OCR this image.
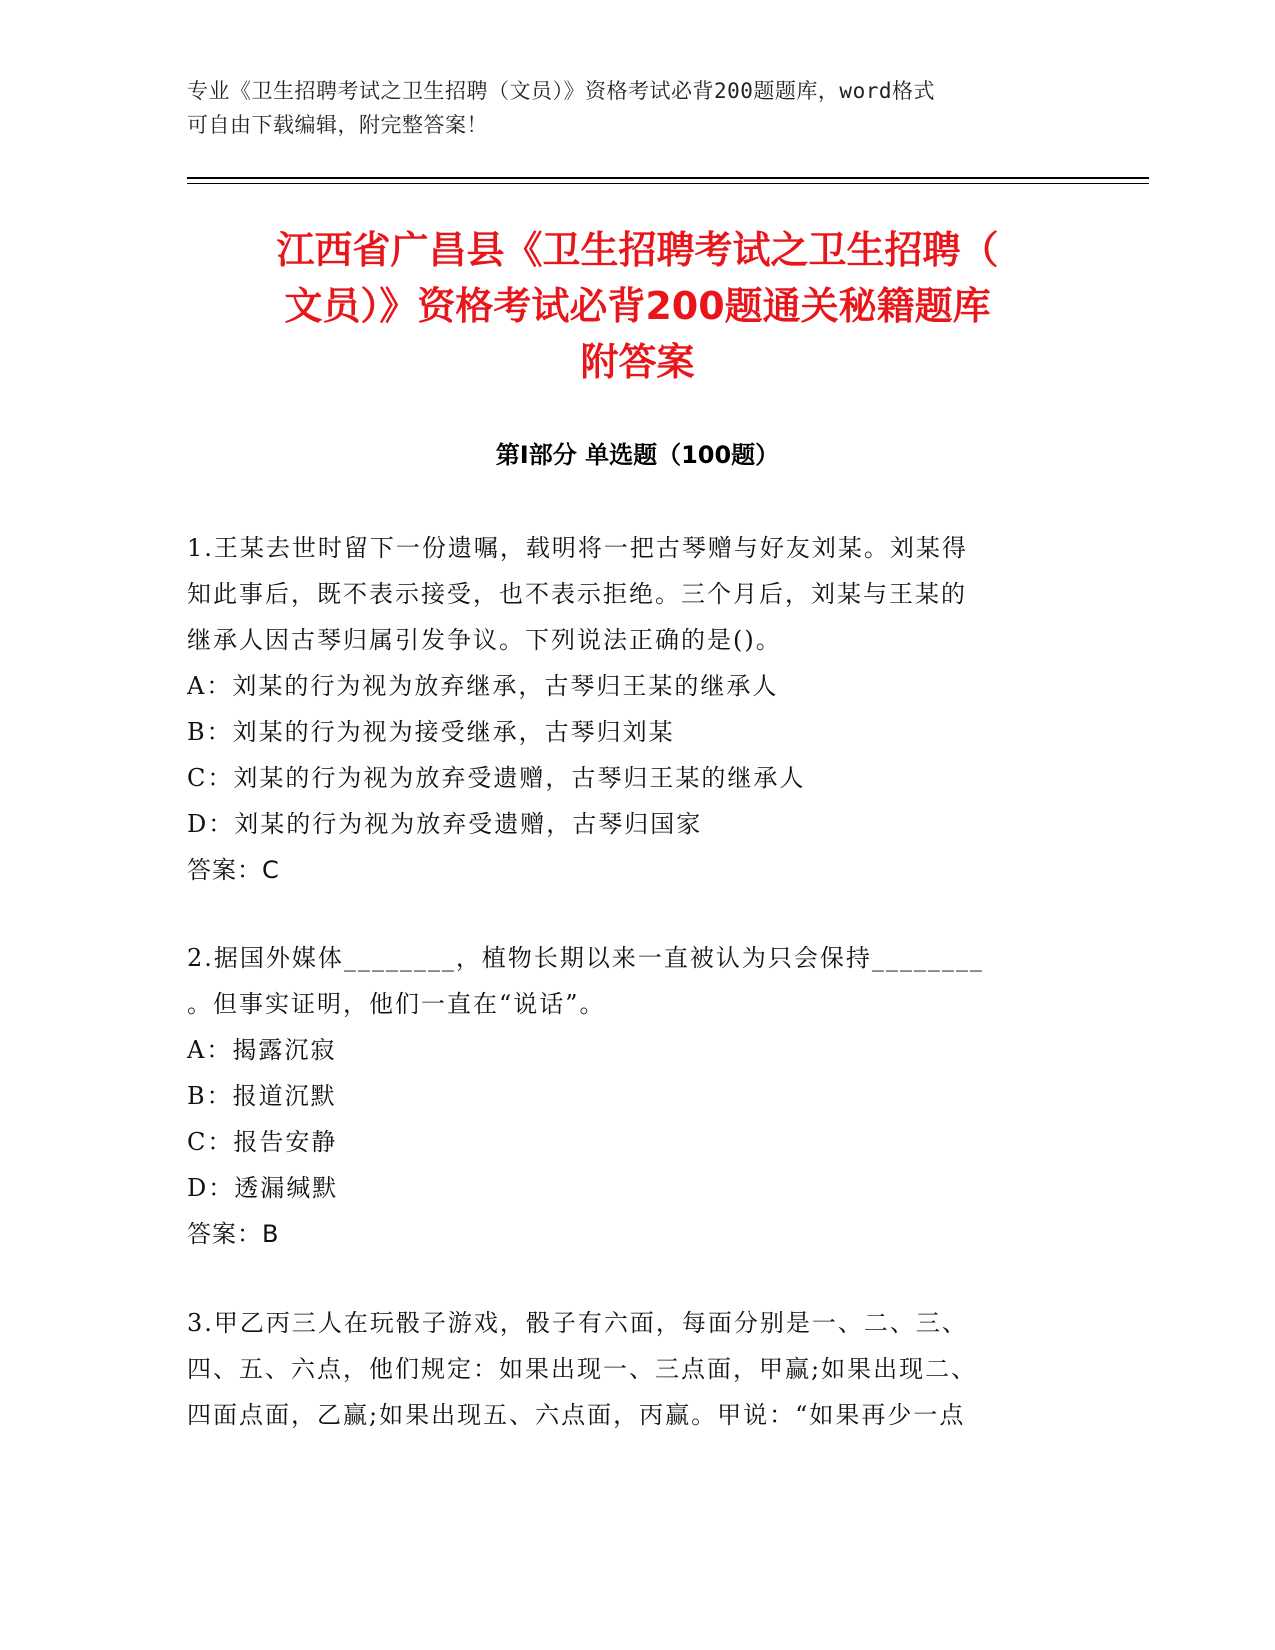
专业《卫生招聘考试之卫生招聘（文员）》资格考试必背200题题库，word格式
可自由下载编辑，附完整答案！
江西省广昌县《卫生招聘考试之卫生招聘（
文员）》资格考试必背200题通关秘籍题库
附答案
第Ⅰ部分 单选题（100题）
1.王某去世时留下一份遗嘱，载明将一把古琴赠与好友刘某。刘某得
知此事后，既不表示接受，也不表示拒绝。三个月后，刘某与王某的
继承人因古琴归属引发争议。下列说法正确的是()。
A：刘某的行为视为放弃继承，古琴归王某的继承人
B：刘某的行为视为接受继承，古琴归刘某
C：刘某的行为视为放弃受遗赠，古琴归王某的继承人
D：刘某的行为视为放弃受遗赠，古琴归国家
答案：C
2.据国外媒体________，植物长期以来一直被认为只会保持________
。但事实证明，他们一直在“说话”。
A：揭露沉寂
B：报道沉默
C：报告安静
D：透漏缄默
答案：B
3.甲乙丙三人在玩骰子游戏，骰子有六面，每面分别是一、二、三、
四、五、六点，他们规定：如果出现一、三点面，甲赢;如果出现二、
四面点面，乙赢;如果出现五、六点面，丙赢。甲说：“如果再少一点
